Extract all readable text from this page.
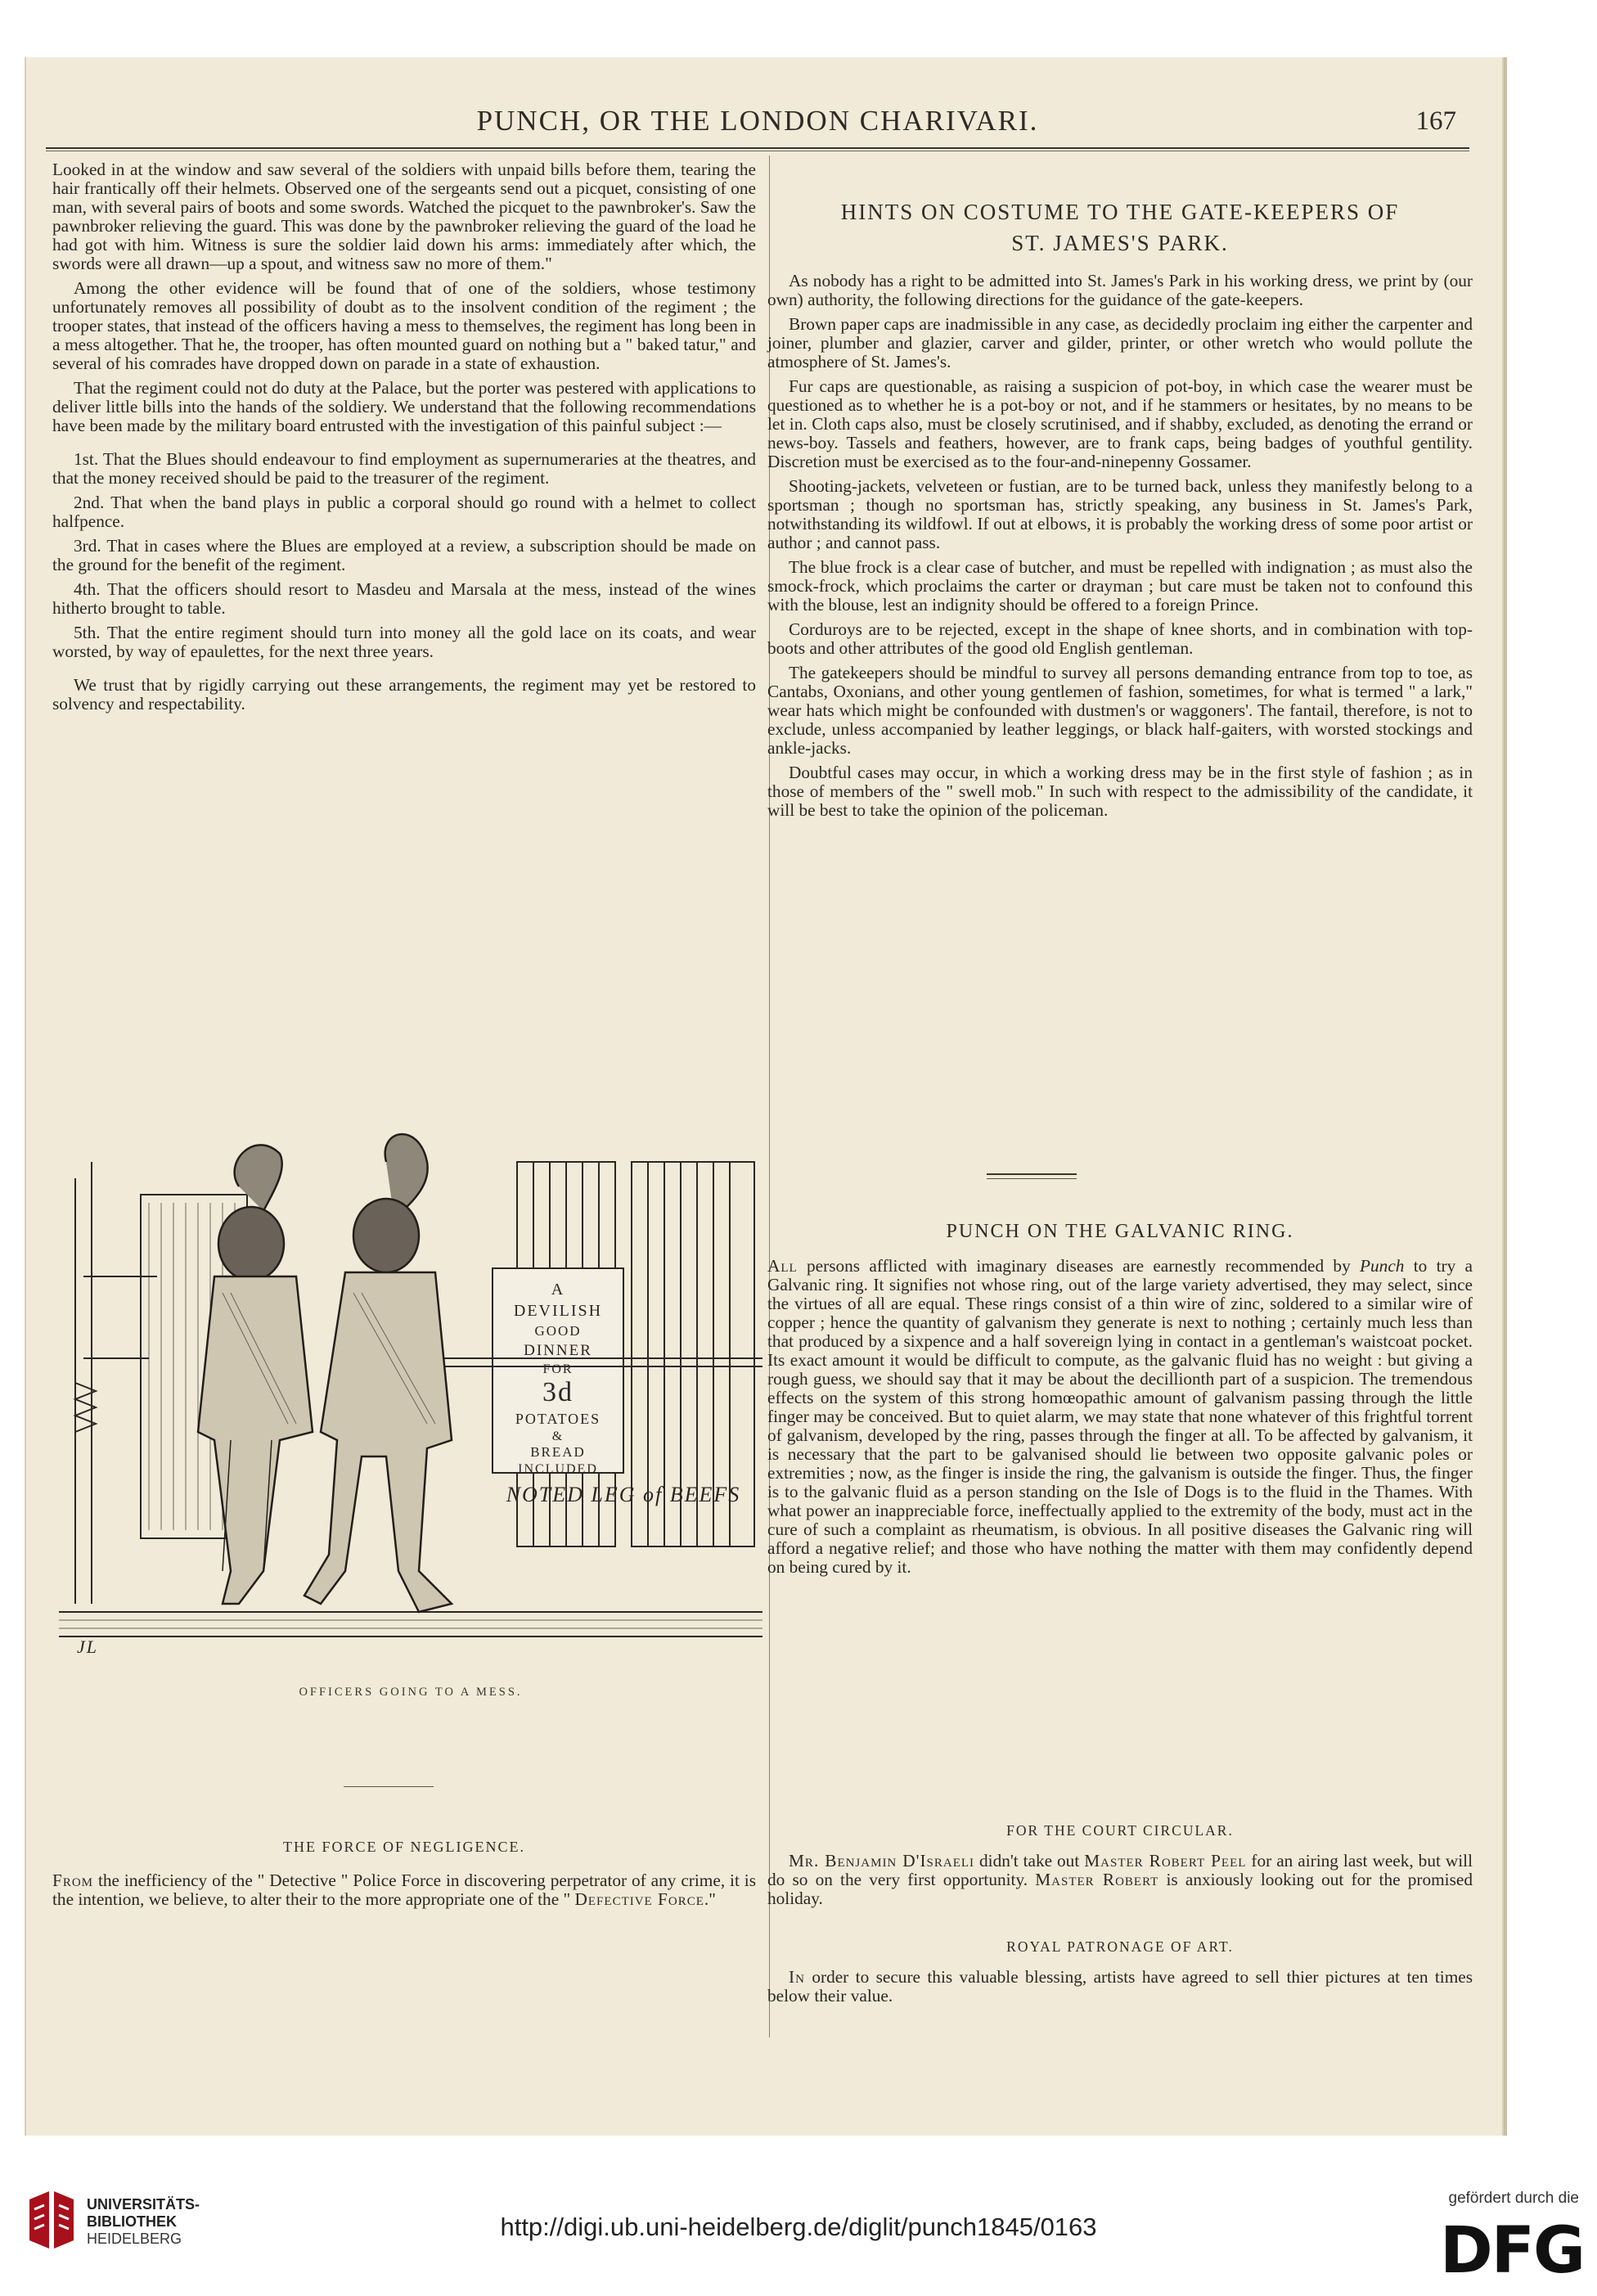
PUNCH, OR THE LONDON CHARIVARI.	167

Looked in at the window and saw several of the soldiers with unpaid bills before them, tearing the hair frantically off their helmets. Observed one of the sergeants send out a picquet, consisting of one man, with several pairs of boots and some swords. Watched the picquet to the pawnbroker's. Saw the pawnbroker relieving the guard. This was done by the pawnbroker relieving the guard of the load he had got with him. Witness is sure the soldier laid down his arms: immediately after which, the swords were all drawn—up a spout, and witness saw no more of them."

Among the other evidence will be found that of one of the soldiers, whose testimony unfortunately removes all possibility of doubt as to the insolvent condition of the regiment ; the trooper states, that instead of the officers having a mess to themselves, the regiment has long been in a mess altogether. That he, the trooper, has often mounted guard on nothing but a " baked tatur," and several of his comrades have dropped down on parade in a state of exhaustion.

That the regiment could not do duty at the Palace, but the porter was pestered with applications to deliver little bills into the hands of the soldiery. We understand that the following recommendations have been made by the military board entrusted with the investigation of this painful subject :—

1st. That the Blues should endeavour to find employment as supernumeraries at the theatres, and that the money received should be paid to the treasurer of the regiment.

2nd. That when the band plays in public a corporal should go round with a helmet to collect halfpence.

3rd. That in cases where the Blues are employed at a review, a subscription should be made on the ground for the benefit of the regiment.

4th. That the officers should resort to Masdeu and Marsala at the mess, instead of the wines hitherto brought to table.

5th. That the entire regiment should turn into money all the gold lace on its coats, and wear worsted, by way of epaulettes, for the next three years.

We trust that by rigidly carrying out these arrangements, the regiment may yet be restored to solvency and respectability.

A
DEVILISH
GOOD
DINNER
FOR
3d
POTATOES
&
BREAD
INCLUDED
NOTED LEG of BEEFS
JL
OFFICERS GOING TO A MESS.
THE FORCE OF NEGLIGENCE.

From the inefficiency of the " Detective " Police Force in discovering perpetrator of any crime, it is the intention, we believe, to alter their to the more appropriate one of the " Defective Force."

HINTS ON COSTUME TO THE GATE-KEEPERS OF
ST. JAMES'S PARK.

As nobody has a right to be admitted into St. James's Park in his working dress, we print by (our own) authority, the following directions for the guidance of the gate-keepers.

Brown paper caps are inadmissible in any case, as decidedly proclaim ing either the carpenter and joiner, plumber and glazier, carver and gilder, printer, or other wretch who would pollute the atmosphere of St. James's.

Fur caps are questionable, as raising a suspicion of pot-boy, in which case the wearer must be questioned as to whether he is a pot-boy or not, and if he stammers or hesitates, by no means to be let in. Cloth caps also, must be closely scrutinised, and if shabby, excluded, as denoting the errand or news-boy. Tassels and feathers, however, are to frank caps, being badges of youthful gentility. Discretion must be exercised as to the four-and-ninepenny Gossamer.

Shooting-jackets, velveteen or fustian, are to be turned back, unless they manifestly belong to a sportsman ; though no sportsman has, strictly speaking, any business in St. James's Park, notwithstanding its wildfowl. If out at elbows, it is probably the working dress of some poor artist or author ; and cannot pass.

The blue frock is a clear case of butcher, and must be repelled with indignation ; as must also the smock-frock, which proclaims the carter or drayman ; but care must be taken not to confound this with the blouse, lest an indignity should be offered to a foreign Prince.

Corduroys are to be rejected, except in the shape of knee shorts, and in combination with top-boots and other attributes of the good old English gentleman.

The gatekeepers should be mindful to survey all persons demanding entrance from top to toe, as Cantabs, Oxonians, and other young gentlemen of fashion, sometimes, for what is termed " a lark," wear hats which might be confounded with dustmen's or waggoners'. The fantail, therefore, is not to exclude, unless accompanied by leather leggings, or black half-gaiters, with worsted stockings and ankle-jacks.

Doubtful cases may occur, in which a working dress may be in the first style of fashion ; as in those of members of the " swell mob." In such with respect to the admissibility of the candidate, it will be best to take the opinion of the policeman.

PUNCH ON THE GALVANIC RING.

All persons afflicted with imaginary diseases are earnestly recommended by Punch to try a Galvanic ring. It signifies not whose ring, out of the large variety advertised, they may select, since the virtues of all are equal. These rings consist of a thin wire of zinc, soldered to a similar wire of copper ; hence the quantity of galvanism they generate is next to nothing ; certainly much less than that produced by a sixpence and a half sovereign lying in contact in a gentleman's waistcoat pocket. Its exact amount it would be difficult to compute, as the galvanic fluid has no weight : but giving a rough guess, we should say that it may be about the decillionth part of a suspicion. The tremendous effects on the system of this strong homœopathic amount of galvanism passing through the little finger may be conceived. But to quiet alarm, we may state that none whatever of this frightful torrent of galvanism, developed by the ring, passes through the finger at all. To be affected by galvanism, it is necessary that the part to be galvanised should lie between two opposite galvanic poles or extremities ; now, as the finger is inside the ring, the galvanism is outside the finger. Thus, the finger is to the galvanic fluid as a person standing on the Isle of Dogs is to the fluid in the Thames. With what power an inappreciable force, ineffectually applied to the extremity of the body, must act in the cure of such a complaint as rheumatism, is obvious. In all positive diseases the Galvanic ring will afford a negative relief; and those who have nothing the matter with them may confidently depend on being cured by it.

FOR THE COURT CIRCULAR.

Mr. Benjamin D'Israeli didn't take out Master Robert Peel for an airing last week, but will do so on the very first opportunity. Master Robert is anxiously looking out for the promised holiday.

ROYAL PATRONAGE OF ART.

In order to secure this valuable blessing, artists have agreed to sell thier pictures at ten times below their value.

UNIVERSITÄTS-
BIBLIOTHEK
HEIDELBERG	http://digi.ub.uni-heidelberg.de/diglit/punch1845/0163
gefördert durch die
DFG
